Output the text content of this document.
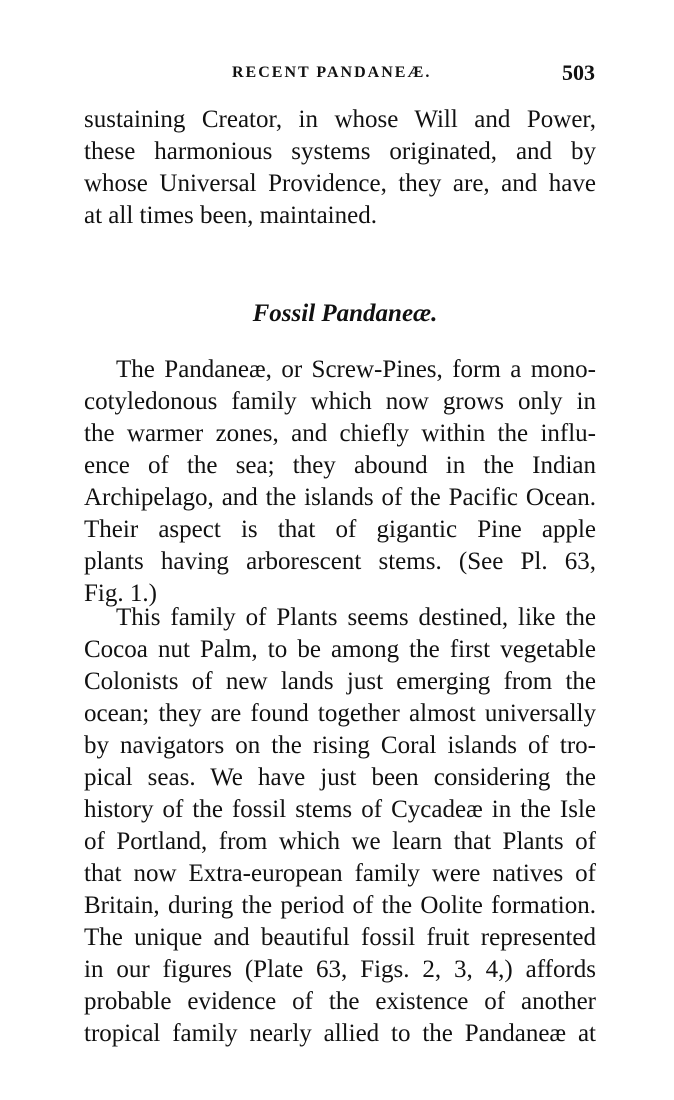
RECENT PANDANEÆ.	503
sustaining Creator, in whose Will and Power,
these harmonious systems originated, and by
whose Universal Providence, they are, and have
at all times been, maintained.
Fossil Pandaneæ.
The Pandaneæ, or Screw-Pines, form a mono-
cotyledonous family which now grows only in
the warmer zones, and chiefly within the influ-
ence of the sea; they abound in the Indian
Archipelago, and the islands of the Pacific Ocean.
Their aspect is that of gigantic Pine apple
plants having arborescent stems. (See Pl. 63,
Fig. 1.)
This family of Plants seems destined, like the
Cocoa nut Palm, to be among the first vegetable
Colonists of new lands just emerging from the
ocean; they are found together almost universally
by navigators on the rising Coral islands of tro-
pical seas. We have just been considering the
history of the fossil stems of Cycadeæ in the Isle
of Portland, from which we learn that Plants of
that now Extra-european family were natives of
Britain, during the period of the Oolite formation.
The unique and beautiful fossil fruit represented
in our figures (Plate 63, Figs. 2, 3, 4,) affords
probable evidence of the existence of another
tropical family nearly allied to the Pandaneæ at
